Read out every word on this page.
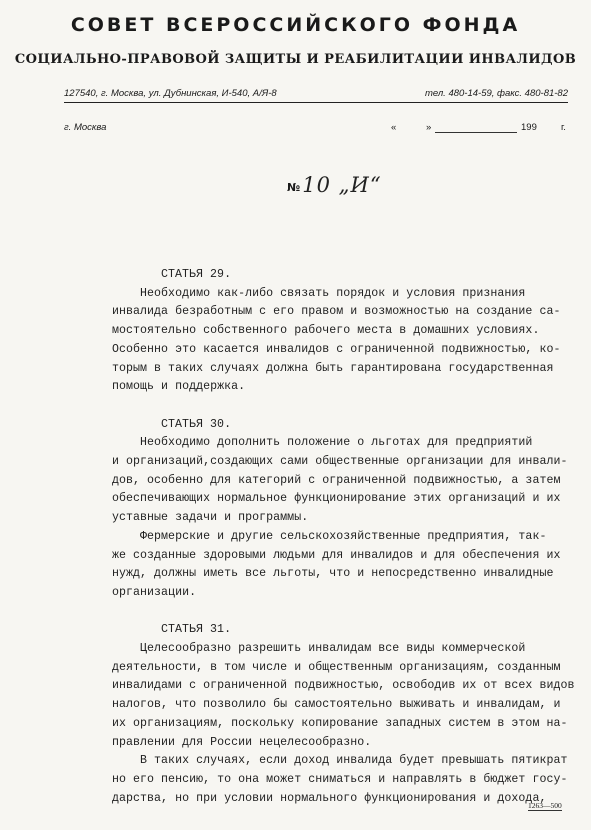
СОВЕТ ВСЕРОССИЙСКОГО ФОНДА
СОЦИАЛЬНО-ПРАВОВОЙ ЗАЩИТЫ И РЕАБИЛИТАЦИИ ИНВАЛИДОВ
127540, г. Москва, ул. Дубнинская, И-540, А/Я-8	тел. 480-14-59, факс. 480-81-82
г. Москва	«	»	199	г.
№10 „И“
СТАТЬЯ 29.
Необходимо как-либо связать порядок и условия признания
инвалида безработным с его правом и возможностью на создание са-
мостоятельно собственного рабочего места в домашних условиях.
Особенно это касается инвалидов с ограниченной подвижностью, ко-
торым в таких случаях должна быть гарантирована государственная
помощь и поддержка.
СТАТЬЯ 30.
Необходимо дополнить положение о льготах для предприятий
и организаций,создающих сами общественные организации для инвали-
дов, особенно для категорий с ограниченной подвижностью, а затем
обеспечивающих нормальное функционирование этих организаций и их
уставные задачи и программы.
Фермерские и другие сельскохозяйственные предприятия, так-
же созданные здоровыми людьми для инвалидов и для обеспечения их
нужд, должны иметь все льготы, что и непосредственно инвалидные
организации.
СТАТЬЯ 31.
Целесообразно разрешить инвалидам все виды коммерческой
деятельности, в том числе и общественным организациям, созданным
инвалидами с ограниченной подвижностью, освободив их от всех видов
налогов, что позволило бы самостоятельно выживать и инвалидам, и
их организациям, поскольку копирование западных систем в этом на-
правлении для России нецелесообразно.
В таких случаях, если доход инвалида будет превышать пятикрат
но его пенсию, то она может сниматься и направлять в бюджет госу-
дарства, но при условии нормального функционирования и дохода,
1263—500
